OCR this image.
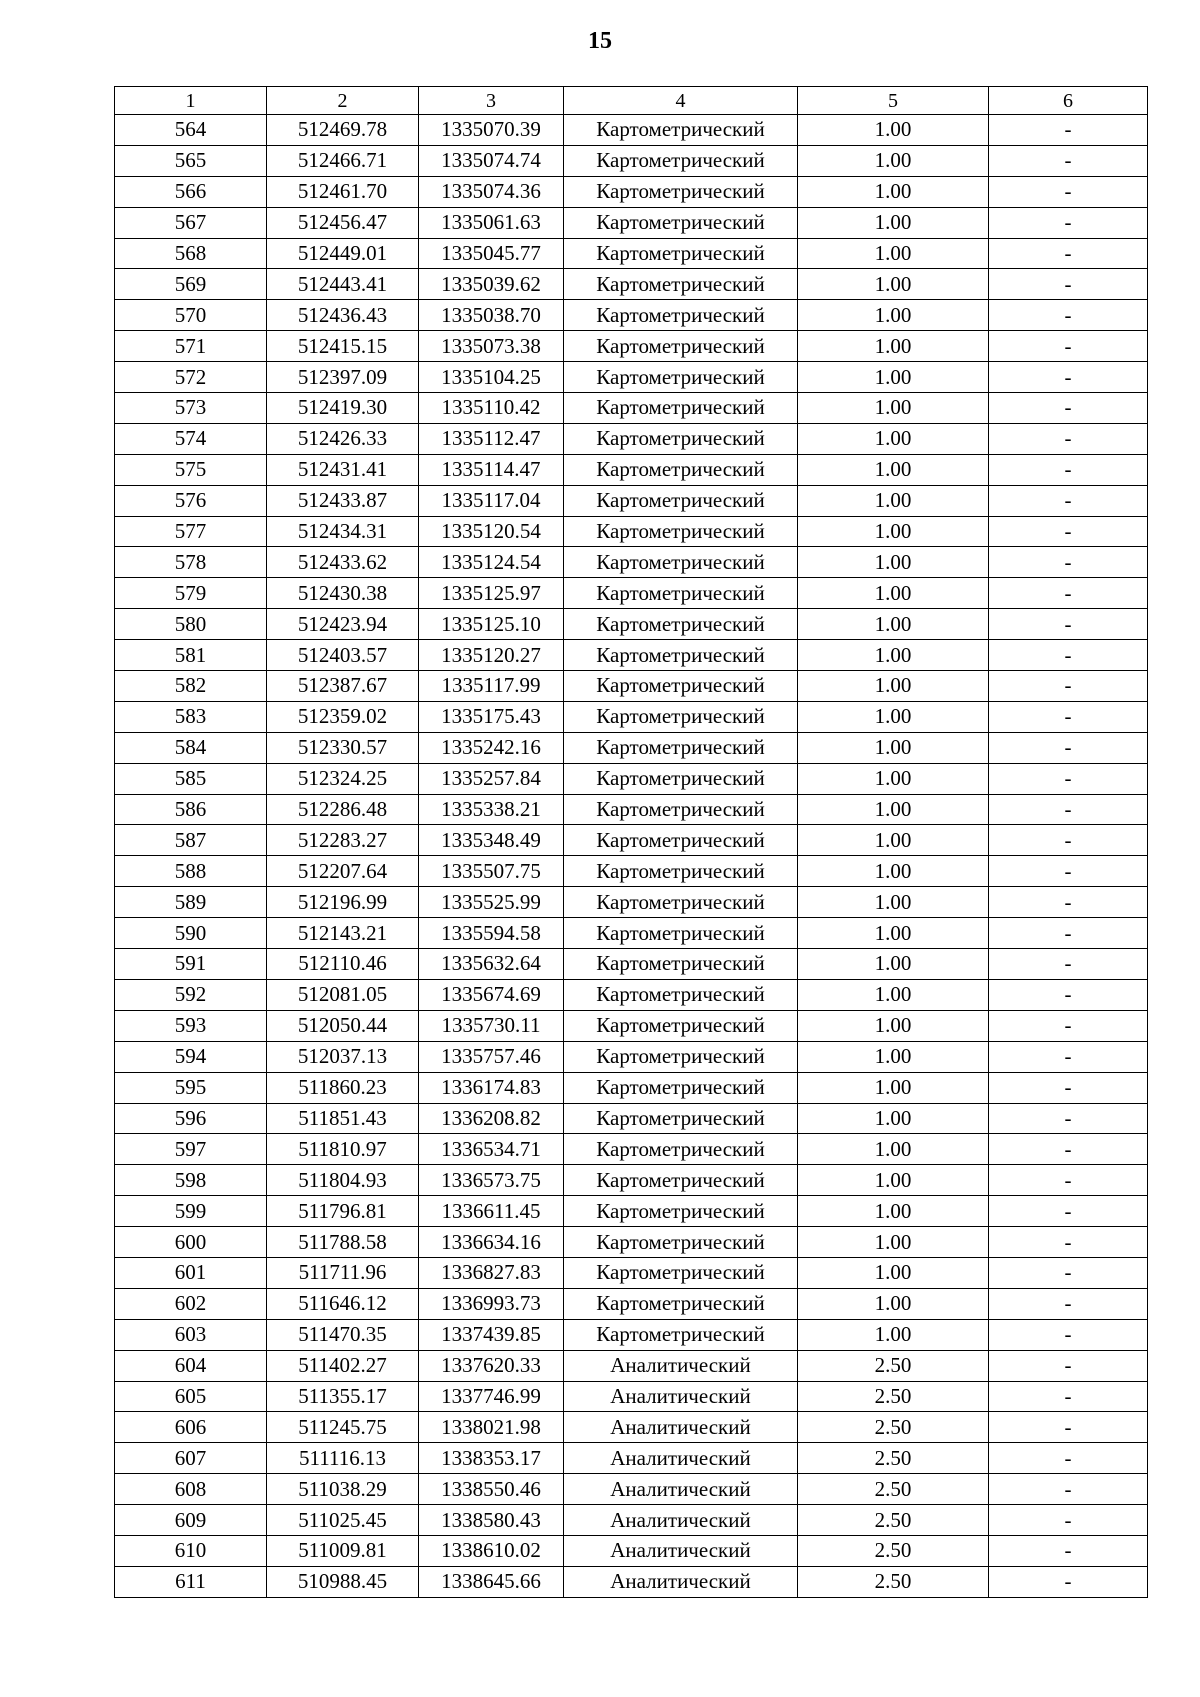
15
1	2	3	4	5	6
564	512469.78	1335070.39	Картометрический	1.00	-
565	512466.71	1335074.74	Картометрический	1.00	-
566	512461.70	1335074.36	Картометрический	1.00	-
567	512456.47	1335061.63	Картометрический	1.00	-
568	512449.01	1335045.77	Картометрический	1.00	-
569	512443.41	1335039.62	Картометрический	1.00	-
570	512436.43	1335038.70	Картометрический	1.00	-
571	512415.15	1335073.38	Картометрический	1.00	-
572	512397.09	1335104.25	Картометрический	1.00	-
573	512419.30	1335110.42	Картометрический	1.00	-
574	512426.33	1335112.47	Картометрический	1.00	-
575	512431.41	1335114.47	Картометрический	1.00	-
576	512433.87	1335117.04	Картометрический	1.00	-
577	512434.31	1335120.54	Картометрический	1.00	-
578	512433.62	1335124.54	Картометрический	1.00	-
579	512430.38	1335125.97	Картометрический	1.00	-
580	512423.94	1335125.10	Картометрический	1.00	-
581	512403.57	1335120.27	Картометрический	1.00	-
582	512387.67	1335117.99	Картометрический	1.00	-
583	512359.02	1335175.43	Картометрический	1.00	-
584	512330.57	1335242.16	Картометрический	1.00	-
585	512324.25	1335257.84	Картометрический	1.00	-
586	512286.48	1335338.21	Картометрический	1.00	-
587	512283.27	1335348.49	Картометрический	1.00	-
588	512207.64	1335507.75	Картометрический	1.00	-
589	512196.99	1335525.99	Картометрический	1.00	-
590	512143.21	1335594.58	Картометрический	1.00	-
591	512110.46	1335632.64	Картометрический	1.00	-
592	512081.05	1335674.69	Картометрический	1.00	-
593	512050.44	1335730.11	Картометрический	1.00	-
594	512037.13	1335757.46	Картометрический	1.00	-
595	511860.23	1336174.83	Картометрический	1.00	-
596	511851.43	1336208.82	Картометрический	1.00	-
597	511810.97	1336534.71	Картометрический	1.00	-
598	511804.93	1336573.75	Картометрический	1.00	-
599	511796.81	1336611.45	Картометрический	1.00	-
600	511788.58	1336634.16	Картометрический	1.00	-
601	511711.96	1336827.83	Картометрический	1.00	-
602	511646.12	1336993.73	Картометрический	1.00	-
603	511470.35	1337439.85	Картометрический	1.00	-
604	511402.27	1337620.33	Аналитический	2.50	-
605	511355.17	1337746.99	Аналитический	2.50	-
606	511245.75	1338021.98	Аналитический	2.50	-
607	511116.13	1338353.17	Аналитический	2.50	-
608	511038.29	1338550.46	Аналитический	2.50	-
609	511025.45	1338580.43	Аналитический	2.50	-
610	511009.81	1338610.02	Аналитический	2.50	-
611	510988.45	1338645.66	Аналитический	2.50	-
